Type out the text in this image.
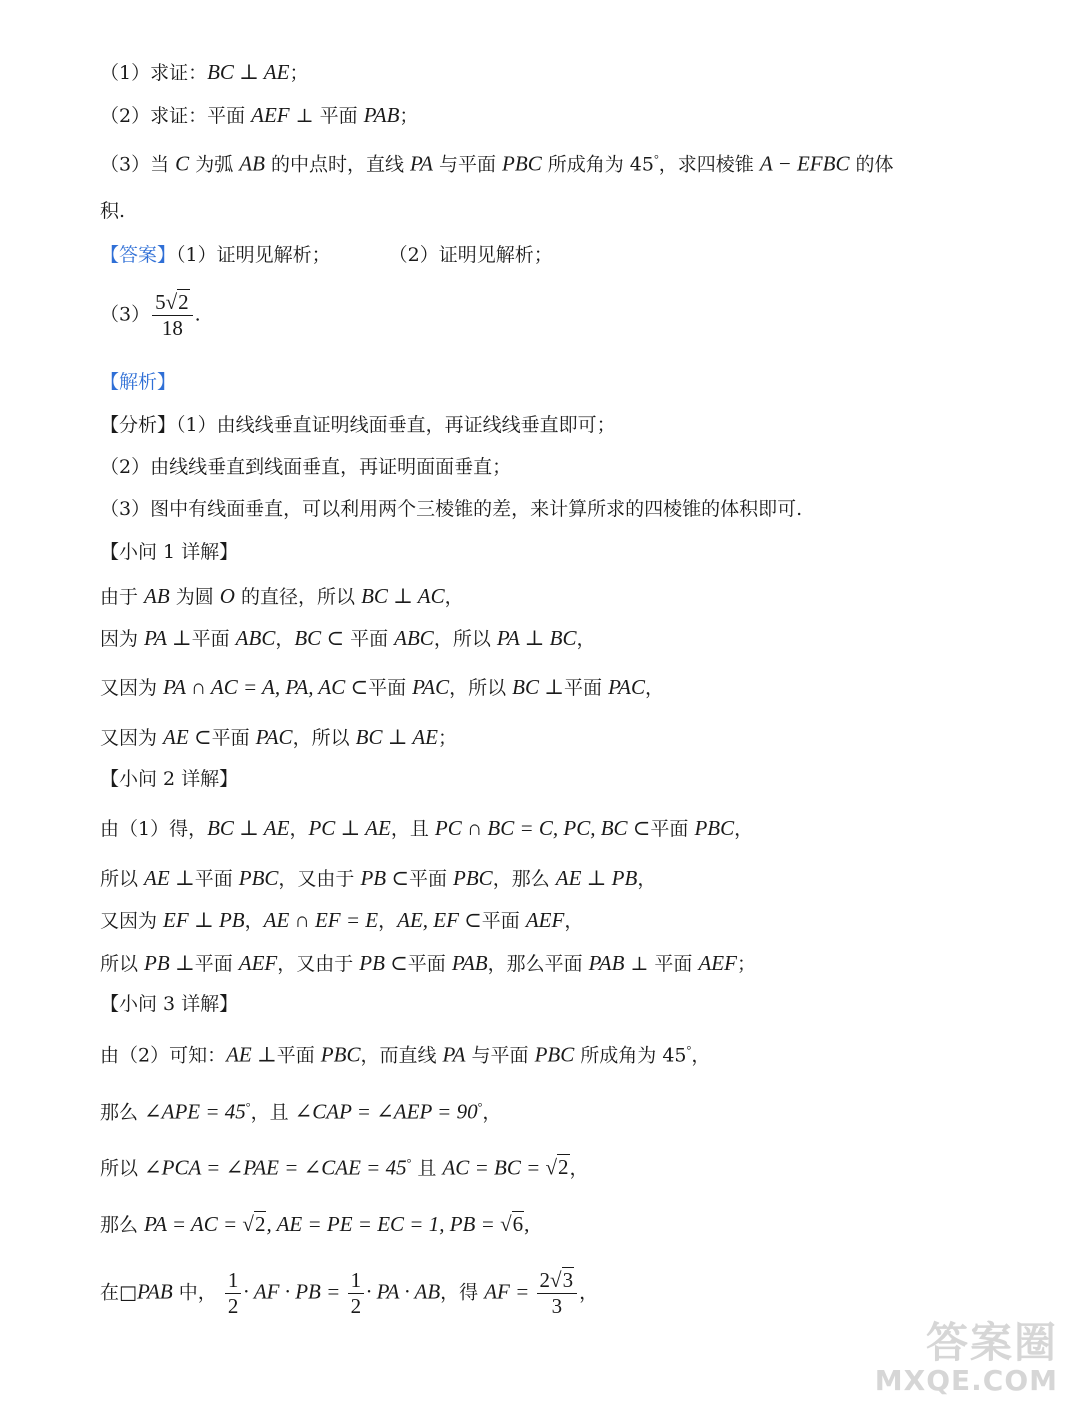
（1）求证：BC ⊥ AE；
（2）求证：平面 AEF ⊥ 平面 PAB；
（3）当 C 为弧 AB 的中点时，直线 PA 与平面 PBC 所成角为 45°，求四棱锥 A − EFBC 的体
积.
【答案】（1）证明见解析；	（2）证明见解析；
$(3) \frac{5√2}{18}$ .
【解析】
【分析】（1）由线线垂直证明线面垂直，再证线线垂直即可；
（2）由线线垂直到线面垂直，再证明面面垂直；
（3）图中有线面垂直，可以利用两个三棱锥的差，来计算所求的四棱锥的体积即可.
【小问 1 详解】
由于 AB 为圆 O 的直径，所以 BC ⊥ AC，
因为 PA ⊥平面 ABC，BC ⊂ 平面 ABC，所以 PA ⊥ BC，
又因为 PA ∩ AC = A, PA, AC ⊂平面 PAC，所以 BC ⊥平面 PAC，
又因为 AE ⊂平面 PAC，所以 BC ⊥ AE；
【小问 2 详解】
由（1）得，BC ⊥ AE，PC ⊥ AE，且 PC ∩ BC = C, PC, BC ⊂平面 PBC，
所以 AE ⊥平面 PBC，又由于 PB ⊂平面 PBC，那么 AE ⊥ PB，
又因为 EF ⊥ PB，AE ∩ EF = E，AE, EF ⊂平面 AEF，
所以 PB ⊥平面 AEF，又由于 PB ⊂平面 PAB，那么平面 PAB ⊥ 平面 AEF；
【小问 3 详解】
由（2）可知：AE ⊥平面 PBC，而直线 PA 与平面 PBC 所成角为 45°，
那么 ∠APE = 45°，且 ∠CAP = ∠AEP = 90°，
所以 ∠PCA = ∠PAE = ∠CAE = 45° 且 AC = BC = √2，
那么 PA = AC = √2, AE = PE = EC = 1, PB = √6,
在□PAB 中， $\frac{1}{2}$ · AF · PB = $\frac{1}{2}$ · PA · AB，得 AF = $\frac{2√3}{3}$ ，
答案圈
MXQE.COM
